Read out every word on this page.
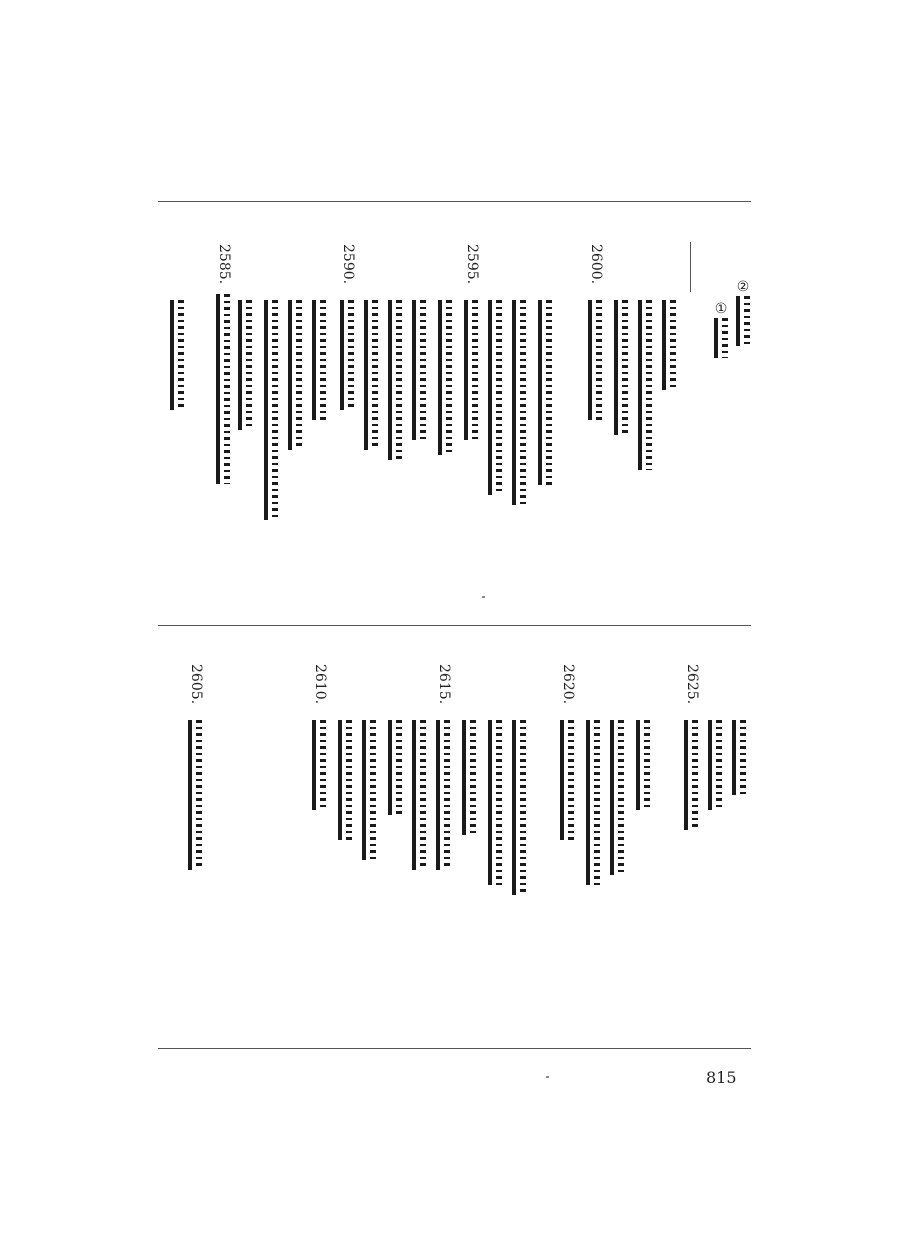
①
②
2585.	2590.	2595.	2600.
2605.	2610.	2615.	2620.	2625.
815
